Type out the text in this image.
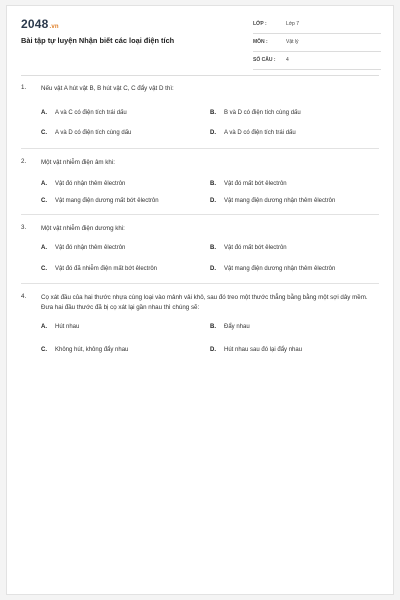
2048.vn
Bài tập tự luyện Nhận biết các loại điện tích
LỚP :	Lớp 7
MÔN :	Vật lý
SỐ CÂU : 4
1. Nếu vật A hút vật B, B hút vật C, C đẩy vật D thì:
A.	A và C có điện tích trái dấu	B.	B và D có điện tích cùng dấu
C.	A và D có điện tích cùng dấu	D.	A và D có điện tích trái dấu
2. Một vật nhiễm điện âm khi:
A.	Vật đó nhận thêm êlectrôn	B.	Vật đó mất bớt êlectrôn
C.	Vật mang điện dương mất bớt êlectrôn	D.	Vật mang điện dương nhận thêm êlectrôn
3. Một vật nhiễm điện dương khi:
A.	Vật đó nhận thêm êlectrôn	B.	Vật đó mất bớt êlectrôn
C.	Vật đó đã nhiễm điện mất bớt êlectrôn	D.	Vật mang điện dương nhận thêm êlectrôn
4. Cọ xát đầu của hai thước nhựa cùng loại vào mảnh vải khô, sau đó treo một thước thẳng bằng bằng một sợi dây mềm. Đưa hai đầu thước đã bị cọ xát lại gần nhau thì chúng sẽ:
A.	Hút nhau	B.	Đẩy nhau
C.	Không hút, không đẩy nhau	D.	Hút nhau sau đó lại đẩy nhau
